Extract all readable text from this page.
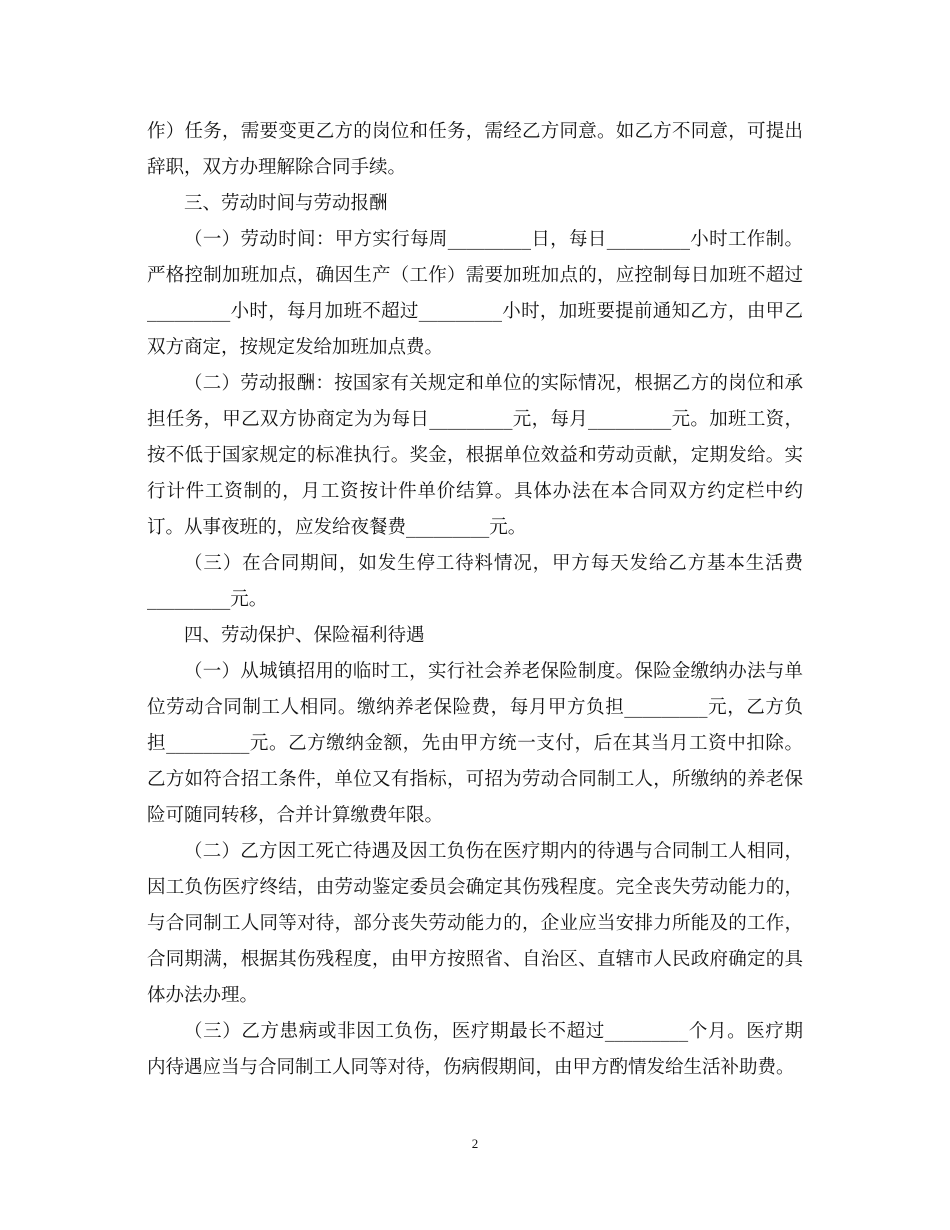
作）任务，需要变更乙方的岗位和任务，需经乙方同意。如乙方不同意，可提出辞职，双方办理解除合同手续。

三、劳动时间与劳动报酬

（一）劳动时间：甲方实行每周_________日，每日_________小时工作制。严格控制加班加点，确因生产（工作）需要加班加点的，应控制每日加班不超过_________小时，每月加班不超过_________小时，加班要提前通知乙方，由甲乙双方商定，按规定发给加班加点费。

（二）劳动报酬：按国家有关规定和单位的实际情况，根据乙方的岗位和承担任务，甲乙双方协商定为为每日_________元，每月_________元。加班工资，按不低于国家规定的标准执行。奖金，根据单位效益和劳动贡献，定期发给。实行计件工资制的，月工资按计件单价结算。具体办法在本合同双方约定栏中约订。从事夜班的，应发给夜餐费_________元。

（三）在合同期间，如发生停工待料情况，甲方每天发给乙方基本生活费_________元。

四、劳动保护、保险福利待遇

（一）从城镇招用的临时工，实行社会养老保险制度。保险金缴纳办法与单位劳动合同制工人相同。缴纳养老保险费，每月甲方负担_________元，乙方负担_________元。乙方缴纳金额，先由甲方统一支付，后在其当月工资中扣除。乙方如符合招工条件，单位又有指标，可招为劳动合同制工人，所缴纳的养老保险可随同转移，合并计算缴费年限。

（二）乙方因工死亡待遇及因工负伤在医疗期内的待遇与合同制工人相同，因工负伤医疗终结，由劳动鉴定委员会确定其伤残程度。完全丧失劳动能力的，与合同制工人同等对待，部分丧失劳动能力的，企业应当安排力所能及的工作，合同期满，根据其伤残程度，由甲方按照省、自治区、直辖市人民政府确定的具体办法办理。

（三）乙方患病或非因工负伤，医疗期最长不超过_________个月。医疗期内待遇应当与合同制工人同等对待，伤病假期间，由甲方酌情发给生活补助费。

2
